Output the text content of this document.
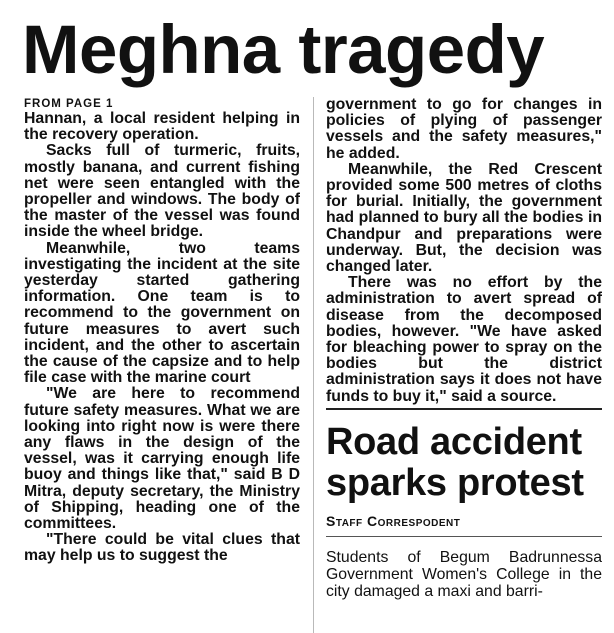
Meghna tragedy
FROM PAGE 1

Hannan, a local resident helping in the recovery operation.

Sacks full of turmeric, fruits, mostly banana, and current fishing net were seen entangled with the propeller and windows. The body of the master of the vessel was found inside the wheel bridge.

Meanwhile, two teams investigating the incident at the site yesterday started gathering information. One team is to recommend to the government on future measures to avert such incident, and the other to ascertain the cause of the capsize and to help file case with the marine court

"We are here to recommend future safety measures. What we are looking into right now is were there any flaws in the design of the vessel, was it carrying enough life buoy and things like that," said B D Mitra, deputy secretary, the Ministry of Shipping, heading one of the committees.

"There could be vital clues that may help us to suggest the

government to go for changes in policies of plying of passenger vessels and the safety measures," he added.

Meanwhile, the Red Crescent provided some 500 metres of cloths for burial. Initially, the government had planned to bury all the bodies in Chandpur and preparations were underway. But, the decision was changed later.

There was no effort by the administration to avert spread of disease from the decomposed bodies, however. "We have asked for bleaching power to spray on the bodies but the district administration says it does not have funds to buy it," said a source.

Road accident sparks protest
Staff Correspodent

Students of Begum Badrunnessa Government Women's College in the city damaged a maxi and barri-
